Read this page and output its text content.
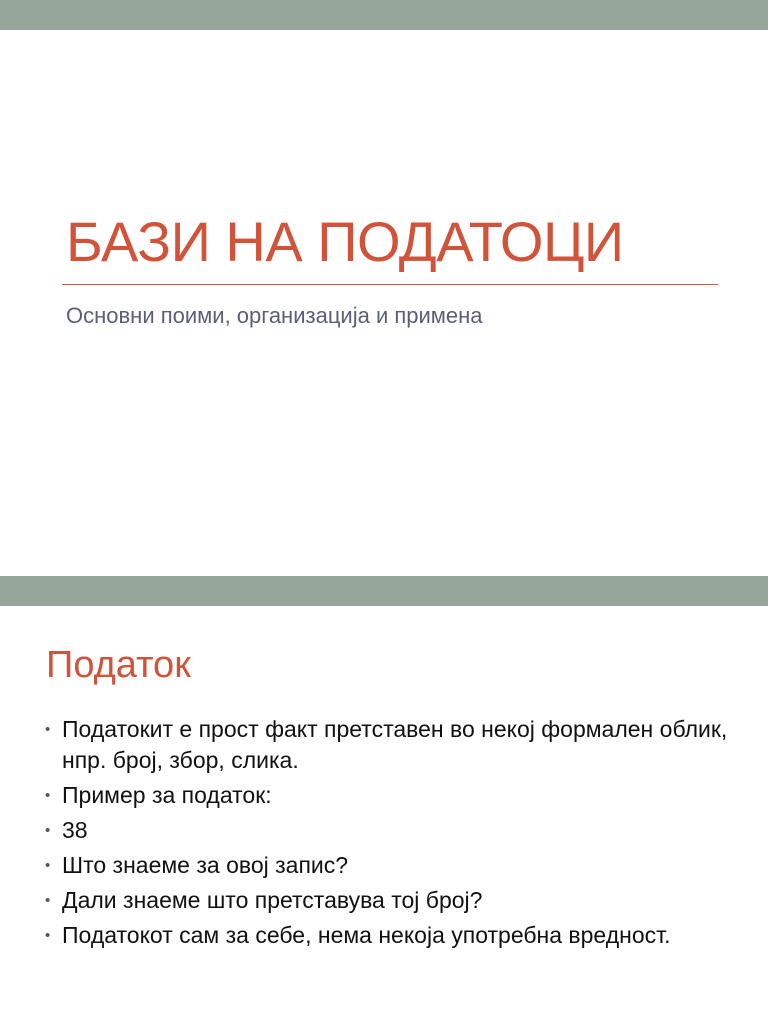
БАЗИ НА ПОДАТОЦИ
Основни поими, организација и примена
Податок
• Податокит е прост факт претставен во некој формален облик, нпр. број, збор, слика.
• Пример за податок:
• 38
• Што знаеме за овој запис?
• Дали знаеме што претставува тој број?
• Податокот сам за себе, нема некоја употребна вредност.
